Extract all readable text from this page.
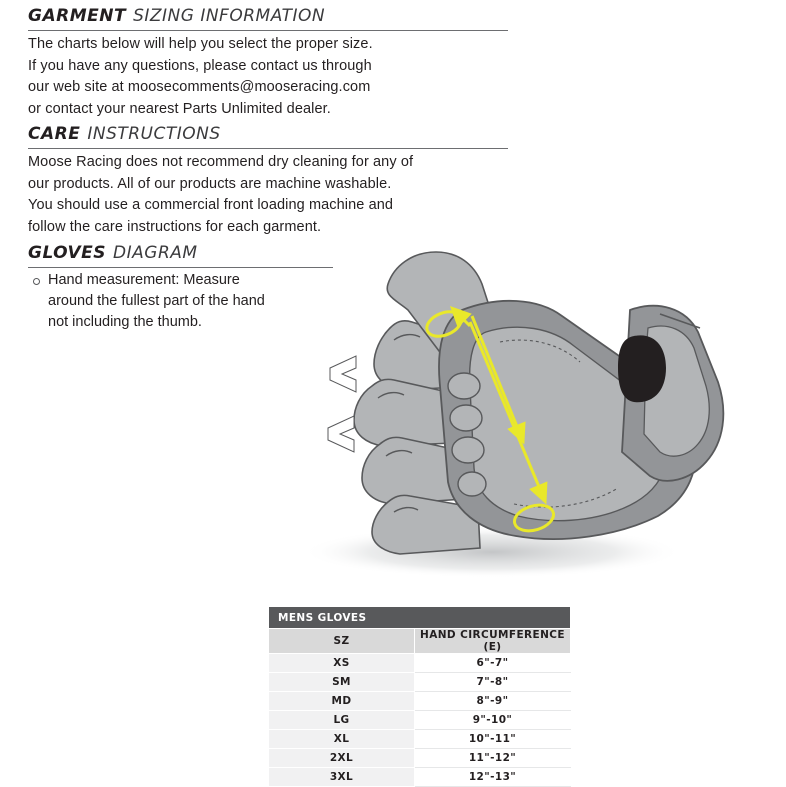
GARMENT SIZING INFORMATION
The charts below will help you select the proper size.
If you have any questions, please contact us through
our web site at moosecomments@mooseracing.com
or contact your nearest Parts Unlimited dealer.
CARE INSTRUCTIONS
Moose Racing does not recommend dry cleaning for any of
our products. All of our products are machine washable.
You should use a commercial front loading machine and
follow the care instructions for each garment.
GLOVES DIAGRAM
Hand measurement: Measure around the fullest part of the hand not including the thumb.
MENS GLOVES	
SZ	HAND CIRCUMFERENCE (E)
XS	6"-7"
SM	7"-8"
MD	8"-9"
LG	9"-10"
XL	10"-11"
2XL	11"-12"
3XL	12"-13"
